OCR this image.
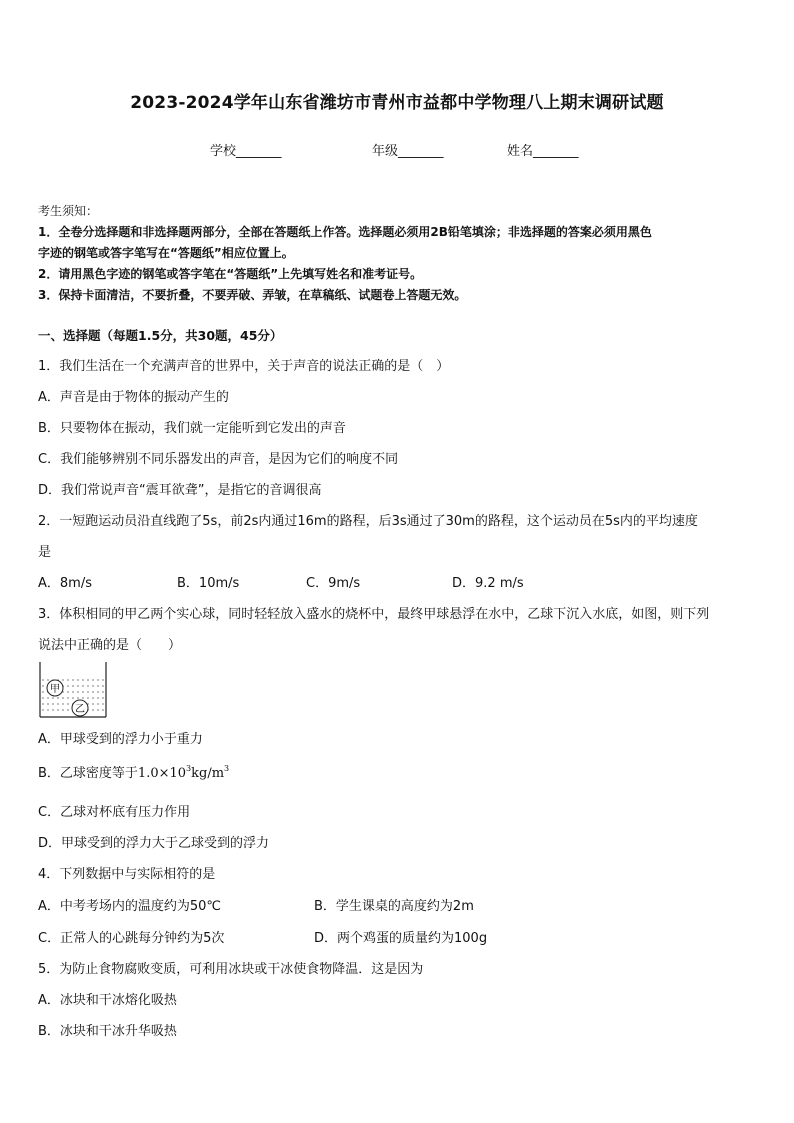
2023-2024学年山东省潍坊市青州市益都中学物理八上期末调研试题
学校_______	年级_______	姓名_______
考生须知：
1．全卷分选择题和非选择题两部分，全部在答题纸上作答。选择题必须用2B铅笔填涂；非选择题的答案必须用黑色
字迹的钢笔或答字笔写在“答题纸”相应位置上。
2．请用黑色字迹的钢笔或答字笔在“答题纸”上先填写姓名和准考证号。
3．保持卡面清洁，不要折叠，不要弄破、弄皱，在草稿纸、试题卷上答题无效。
一、选择题（每题1.5分，共30题，45分）
1．我们生活在一个充满声音的世界中，关于声音的说法正确的是（　）
A．声音是由于物体的振动产生的
B．只要物体在振动，我们就一定能听到它发出的声音
C．我们能够辨别不同乐器发出的声音，是因为它们的响度不同
D．我们常说声音“震耳欲聋”，是指它的音调很高
2．一短跑运动员沿直线跑了5s，前2s内通过16m的路程，后3s通过了30m的路程，这个运动员在5s内的平均速度
是
A．8m/s	B．10m/s	C．9m/s	D．9.2 m/s
3．体积相同的甲乙两个实心球，同时轻轻放入盛水的烧杯中，最终甲球悬浮在水中，乙球下沉入水底，如图，则下列
说法中正确的是（　　）
甲
乙
A．甲球受到的浮力小于重力
B．乙球密度等于$1.0\times 10^3kg/m^3$
C．乙球对杯底有压力作用
D．甲球受到的浮力大于乙球受到的浮力
4．下列数据中与实际相符的是
A．中考考场内的温度约为50℃	B．学生课桌的高度约为2m
C．正常人的心跳每分钟约为5次	D．两个鸡蛋的质量约为100g
5．为防止食物腐败变质，可利用冰块或干冰使食物降温．这是因为
A．冰块和干冰熔化吸热
B．冰块和干冰升华吸热
